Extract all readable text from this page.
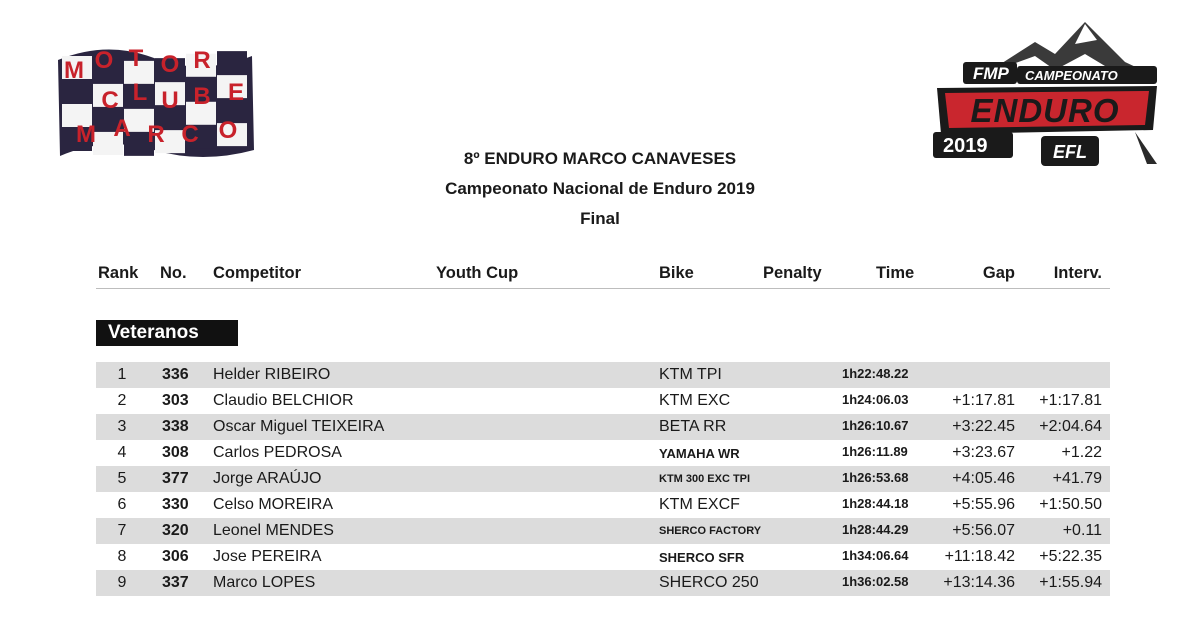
M O T O R
C L U B E
M A R C O
FMP CAMPEONATO
ENDURO
2019	EFL
8º ENDURO MARCO CANAVESES
Campeonato Nacional de Enduro 2019
Final
Rank No. Competitor	Youth Cup	Bike	Penalty	Time	Gap Interv.
Veteranos
1	336 Helder RIBEIRO	KTM TPI	1h22:48.22
2	303 Claudio BELCHIOR	KTM EXC	1h24:06.03	+1:17.81 +1:17.81
3	338 Oscar Miguel TEIXEIRA	BETA RR	1h26:10.67	+3:22.45 +2:04.64
4	308 Carlos PEDROSA	YAMAHA WR	1h26:11.89	+3:23.67	+1.22
5	377 Jorge ARAÚJO	KTM 300 EXC TPI	1h26:53.68	+4:05.46 +41.79
6	330 Celso MOREIRA	KTM EXCF	1h28:44.18	+5:55.96 +1:50.50
7	320 Leonel MENDES	SHERCO FACTORY	1h28:44.29	+5:56.07	+0.11
8	306 Jose PEREIRA	SHERCO SFR	1h34:06.64 +11:18.42 +5:22.35
9	337 Marco LOPES	SHERCO 250	1h36:02.58 +13:14.36 +1:55.94
